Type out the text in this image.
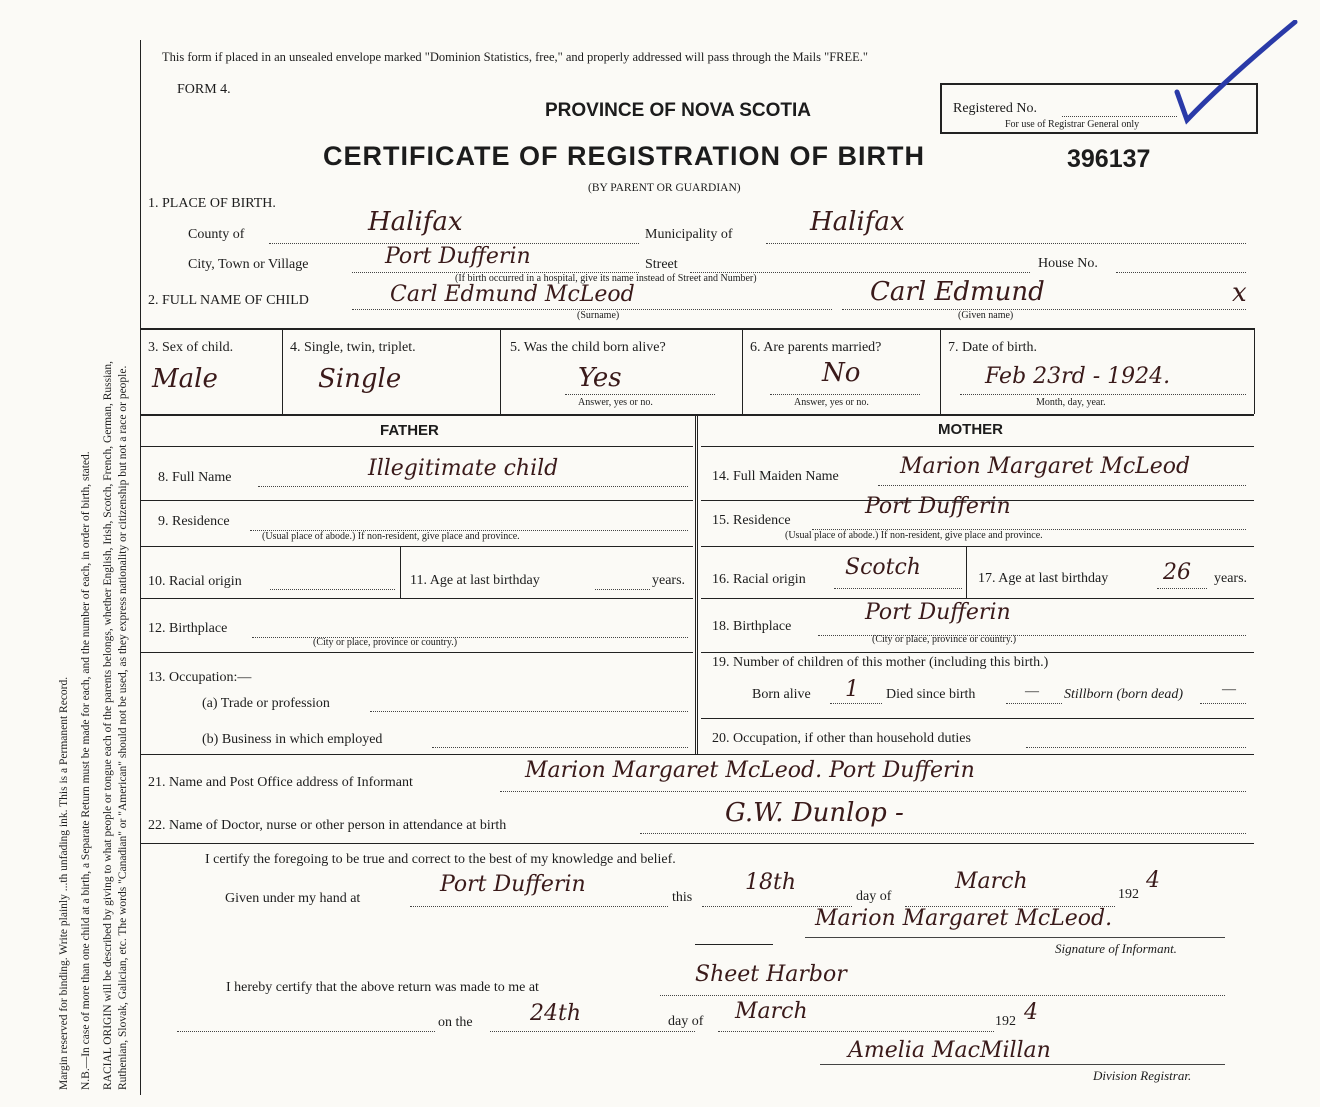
Margin reserved for binding. Write plainly ...th unfading ink. This is a Permanent Record. N.B.—In case of more than one child at a birth, a Separate Return must be made for each, and the number of each, in order of birth, stated. RACIAL ORIGIN will be described by giving to what people or tongue each of the parents belongs, whether English, Irish, Scotch, French, German, Russian, Ruthenian, Slovak, Galician, etc. The words "Canadian" or "American" should not be used, as they express nationality or citizenship but not a race or people.
This form if placed in an unsealed envelope marked "Dominion Statistics, free," and properly addressed will pass through the Mails "FREE."
FORM 4.
PROVINCE OF NOVA SCOTIA
CERTIFICATE OF REGISTRATION OF BIRTH	396137
(BY PARENT OR GUARDIAN)
Registered No.
For use of Registrar General only
1. PLACE OF BIRTH.
County of	Halifax	Municipality of	Halifax
City, Town or Village	Port Dufferin	Street	House No.
(If birth occurred in a hospital, give its name instead of Street and Number)
2. FULL NAME OF CHILD	Carl Edmund McLeod
(Surname)
Carl Edmund
(Given name)
x
3. Sex of child.
Male
4. Single, twin, triplet.
Single
5. Was the child born alive?
Yes
Answer, yes or no.
6. Are parents married?
No
Answer, yes or no.
7. Date of birth.
Feb 23rd - 1924.
Month, day, year.
FATHER	MOTHER
8. Full Name	Illegitimate child
9. Residence
(Usual place of abode.) If non-resident, give place and province.
10. Racial origin	11. Age at last birthday	years.
12. Birthplace
(City or place, province or country.)
13. Occupation:—
(a) Trade or profession
(b) Business in which employed
14. Full Maiden Name	Marion Margaret McLeod
15. Residence
Port Dufferin
(Usual place of abode.) If non-resident, give place and province.
16. Racial origin Scotch	17. Age at last birthday 26 years.
18. Birthplace
Port Dufferin
(City or place, province or country.)
19. Number of children of this mother (including this birth.)
Born alive 1 Died since birth	— Stillborn (born dead)	—
20. Occupation, if other than household duties
21. Name and Post Office address of Informant	Marion Margaret McLeod. Port Dufferin
22. Name of Doctor, nurse or other person in attendance at birth	G.W. Dunlop -
I certify the foregoing to be true and correct to the best of my knowledge and belief.
Given under my hand at
Port Dufferin
this
18th
day of
March
192
4
Marion Margaret McLeod.
Signature of Informant.
I hereby certify that the above return was made to me at
Sheet Harbor
on the	24th	day of March	192 4
Amelia MacMillan
Division Registrar.
